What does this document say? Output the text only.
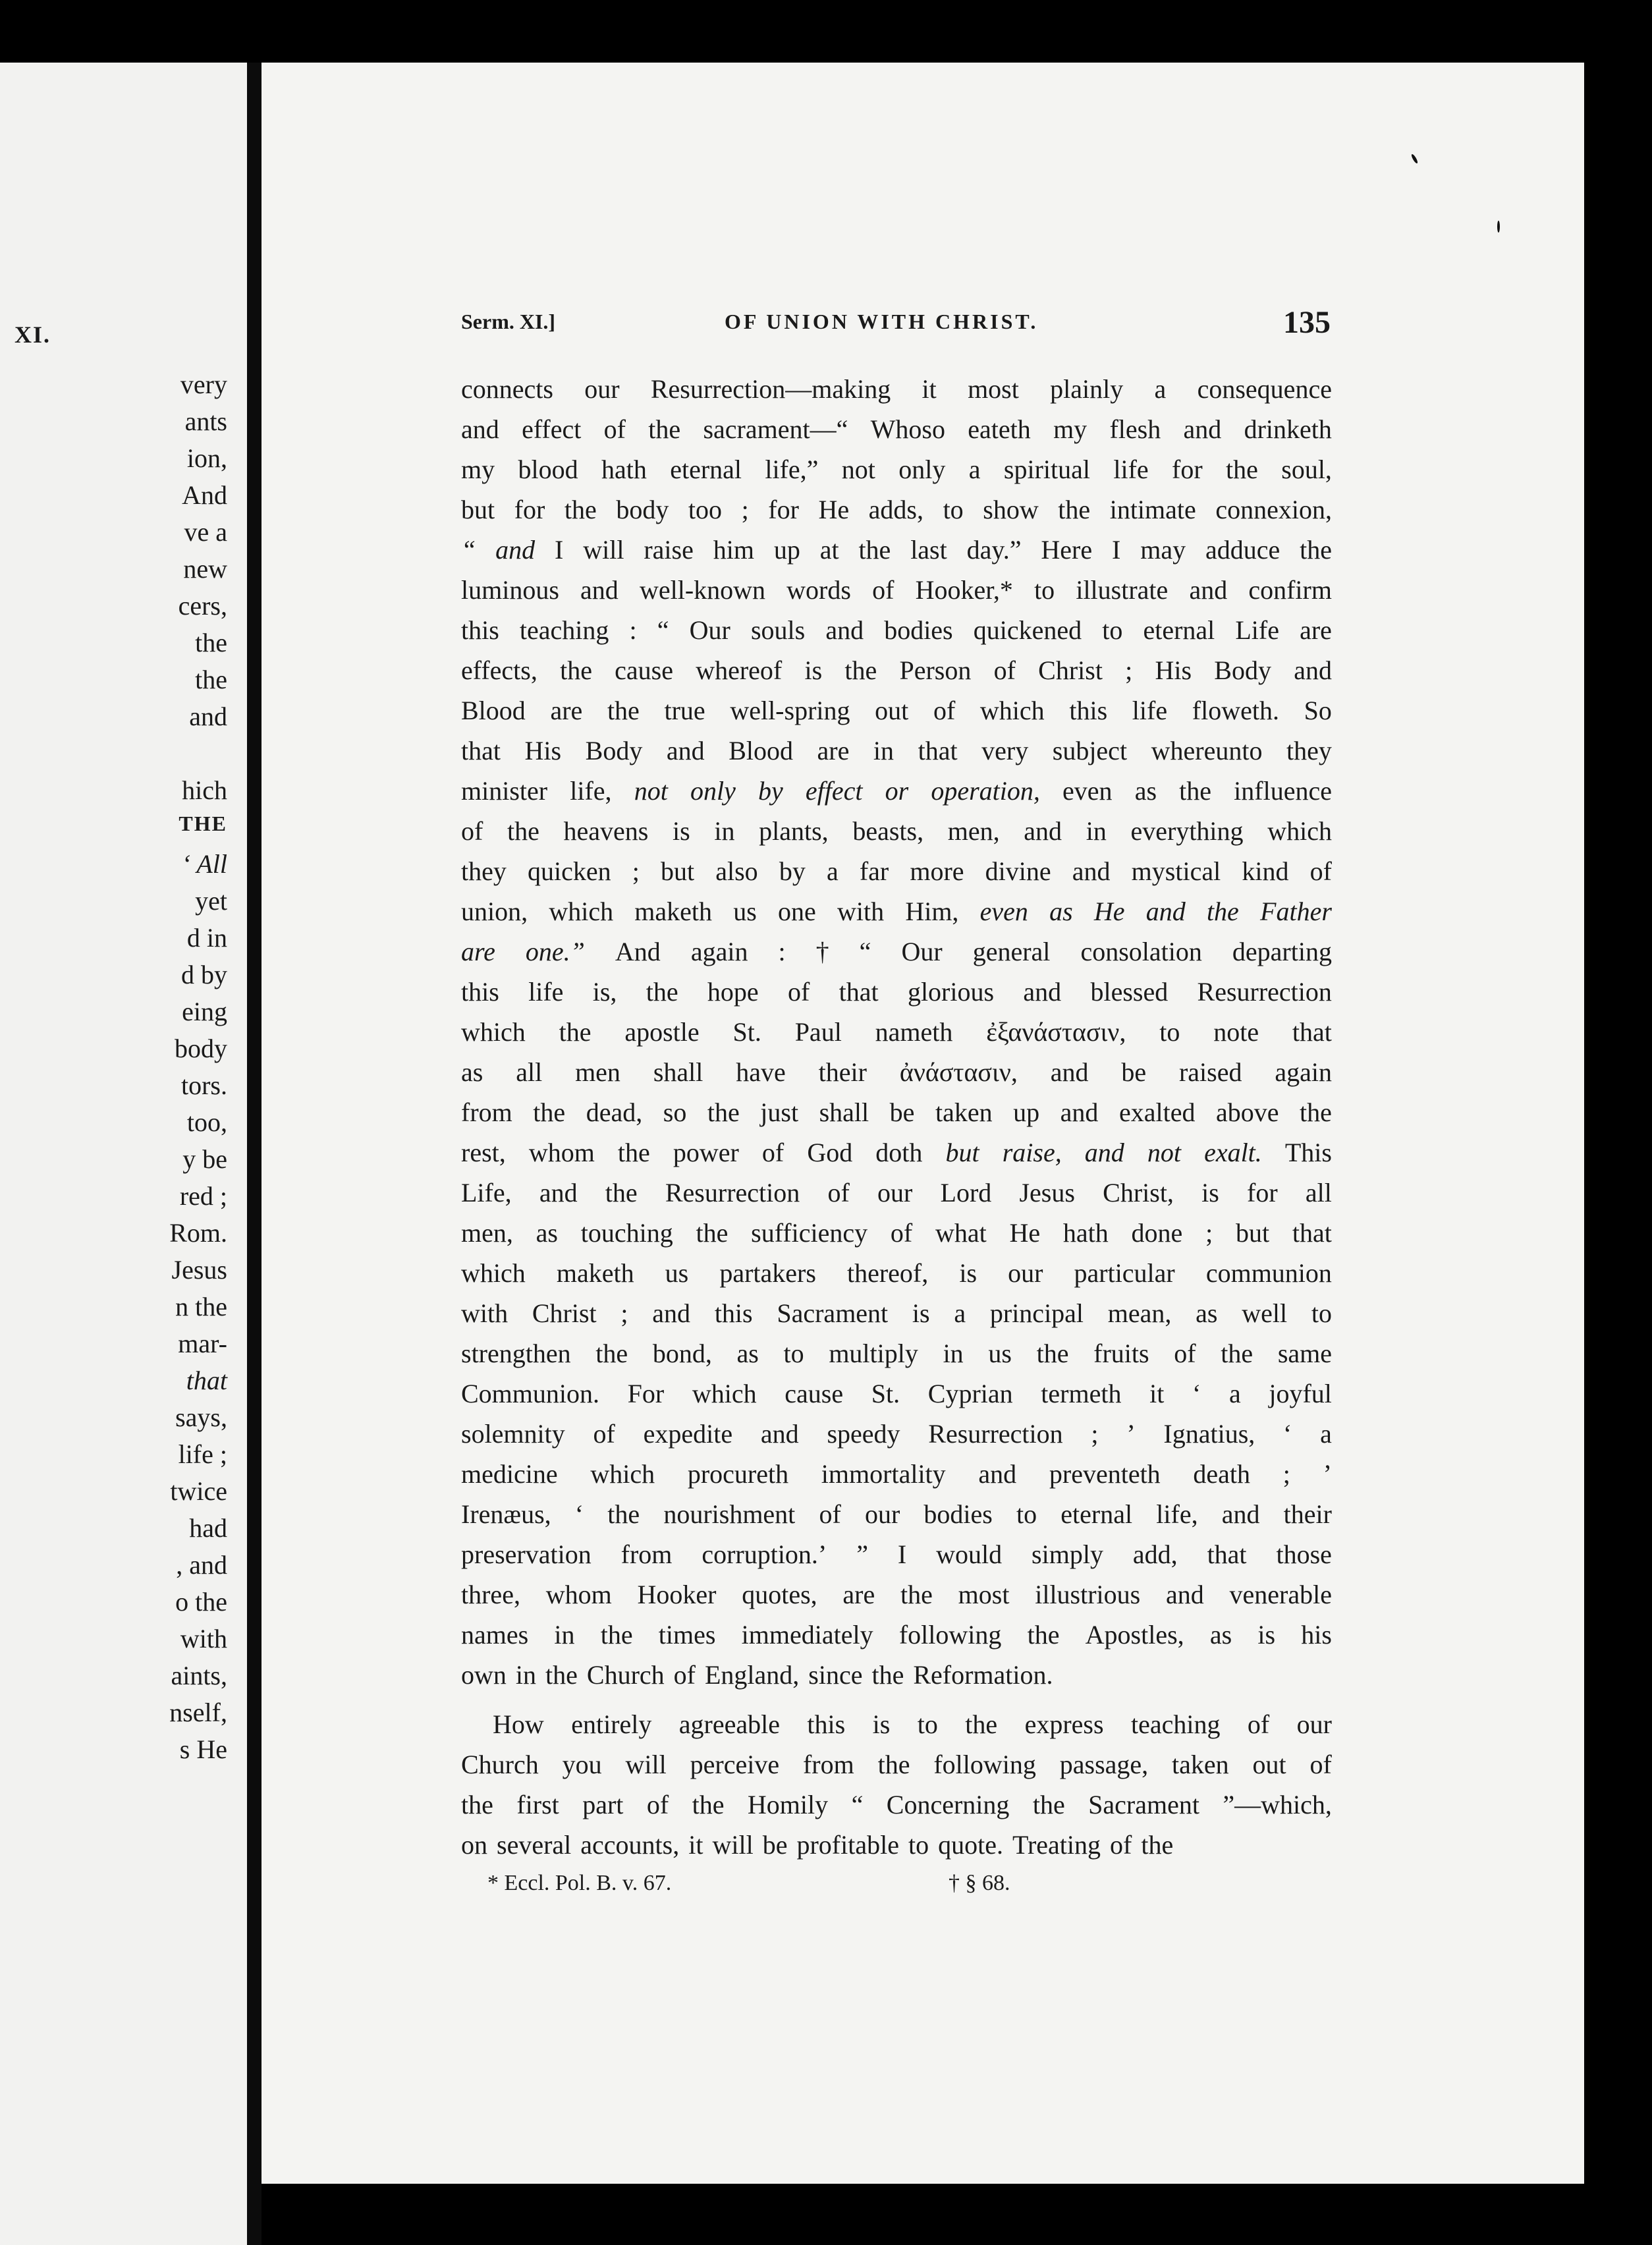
XI.
very
ants
ion,
And
ve a
new
cers,
the
the
and
hich
THE
‘ All
yet
d in
d by
eing
body
tors.
too,
y be
red ;
Rom.
Jesus
n the
mar-
that
says,
life ;
twice
had
, and
o the
with
aints,
nself,
s He
Serm. XI.]	OF UNION WITH CHRIST.	135
connects our Resurrection—making it most plainly a consequence
and effect of the sacrament—“ Whoso eateth my flesh and drinketh
my blood hath eternal life,” not only a spiritual life for the soul,
but for the body too ; for He adds, to show the intimate connexion,
“ and I will raise him up at the last day.” Here I may adduce the
luminous and well-known words of Hooker,* to illustrate and confirm
this teaching : “ Our souls and bodies quickened to eternal Life are
effects, the cause whereof is the Person of Christ ; His Body and
Blood are the true well-spring out of which this life floweth. So
that His Body and Blood are in that very subject whereunto they
minister life, not only by effect or operation, even as the influence
of the heavens is in plants, beasts, men, and in everything which
they quicken ; but also by a far more divine and mystical kind of
union, which maketh us one with Him, even as He and the Father
are one.” And again : † “ Our general consolation departing
this life is, the hope of that glorious and blessed Resurrection
which the apostle St. Paul nameth ἐξανάστασιν, to note that
as all men shall have their ἀνάστασιν, and be raised again
from the dead, so the just shall be taken up and exalted above the
rest, whom the power of God doth but raise, and not exalt. This
Life, and the Resurrection of our Lord Jesus Christ, is for all
men, as touching the sufficiency of what He hath done ; but that
which maketh us partakers thereof, is our particular communion
with Christ ; and this Sacrament is a principal mean, as well to
strengthen the bond, as to multiply in us the fruits of the same
Communion. For which cause St. Cyprian termeth it ‘ a joyful
solemnity of expedite and speedy Resurrection ; ’ Ignatius, ‘ a
medicine which procureth immortality and preventeth death ; ’
Irenæus, ‘ the nourishment of our bodies to eternal life, and their
preservation from corruption.’ ” I would simply add, that those
three, whom Hooker quotes, are the most illustrious and venerable
names in the times immediately following the Apostles, as is his
own in the Church of England, since the Reformation.
How entirely agreeable this is to the express teaching of our
Church you will perceive from the following passage, taken out of
the first part of the Homily “ Concerning the Sacrament ”—which,
on several accounts, it will be profitable to quote. Treating of the
* Eccl. Pol. B. v. 67.	† § 68.
